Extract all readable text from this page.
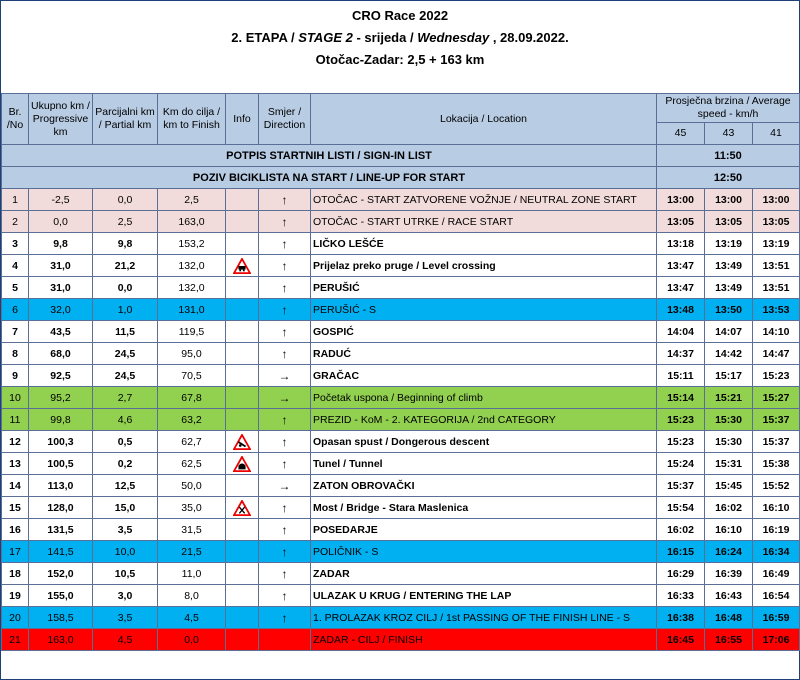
CRO Race 2022
2. ETAPA / STAGE 2 - srijeda / Wednesday , 28.09.2022.
Otočac-Zadar: 2,5 + 163 km
Br. /No	Ukupno km / Progressive km	Parcijalni km / Partial km	Km do cilja / km to Finish	Info	Smjer / Direction	Lokacija / Location	Prosječna brzina / Average speed - km/h		
							45	43	41
POTPIS STARTNIH LISTI / SIGN-IN LIST							11:50		
POZIV BICIKLISTA NA START / LINE-UP FOR START							12:50		
1	-2,5	0,0	2,5		↑	OTOČAC - START ZATVORENE VOŽNJE / NEUTRAL ZONE START	13:00	13:00	13:00
2	0,0	2,5	163,0		↑	OTOČAC - START UTRKE / RACE START	13:05	13:05	13:05
3	9,8	9,8	153,2		↑	LIČKO LEŠĆE	13:18	13:19	13:19
4	31,0	21,2	132,0		↑	Prijelaz preko pruge / Level crossing	13:47	13:49	13:51
5	31,0	0,0	132,0		↑	PERUŠIĆ	13:47	13:49	13:51
6	32,0	1,0	131,0		↑	PERUŠIĆ - S	13:48	13:50	13:53
7	43,5	11,5	119,5		↑	GOSPIĆ	14:04	14:07	14:10
8	68,0	24,5	95,0		↑	RADUĆ	14:37	14:42	14:47
9	92,5	24,5	70,5		→	GRAČAC	15:11	15:17	15:23
10	95,2	2,7	67,8		→	Početak uspona / Beginning of climb	15:14	15:21	15:27
11	99,8	4,6	63,2		↑	PREZID - KoM - 2. KATEGORIJA / 2nd CATEGORY	15:23	15:30	15:37
12	100,3	0,5	62,7		↑	Opasan spust / Dongerous descent	15:23	15:30	15:37
13	100,5	0,2	62,5		↑	Tunel / Tunnel	15:24	15:31	15:38
14	113,0	12,5	50,0		→	ZATON OBROVAČKI	15:37	15:45	15:52
15	128,0	15,0	35,0		↑	Most / Bridge - Stara Maslenica	15:54	16:02	16:10
16	131,5	3,5	31,5		↑	POSEDARJE	16:02	16:10	16:19
17	141,5	10,0	21,5		↑	POLIČNIK - S	16:15	16:24	16:34
18	152,0	10,5	11,0		↑	ZADAR	16:29	16:39	16:49
19	155,0	3,0	8,0		↑	ULAZAK U KRUG / ENTERING THE LAP	16:33	16:43	16:54
20	158,5	3,5	4,5		↑	1. PROLAZAK KROZ CILJ / 1st PASSING OF THE FINISH LINE - S	16:38	16:48	16:59
21	163,0	4,5	0,0			ZADAR - CILJ / FINISH	16:45	16:55	17:06
